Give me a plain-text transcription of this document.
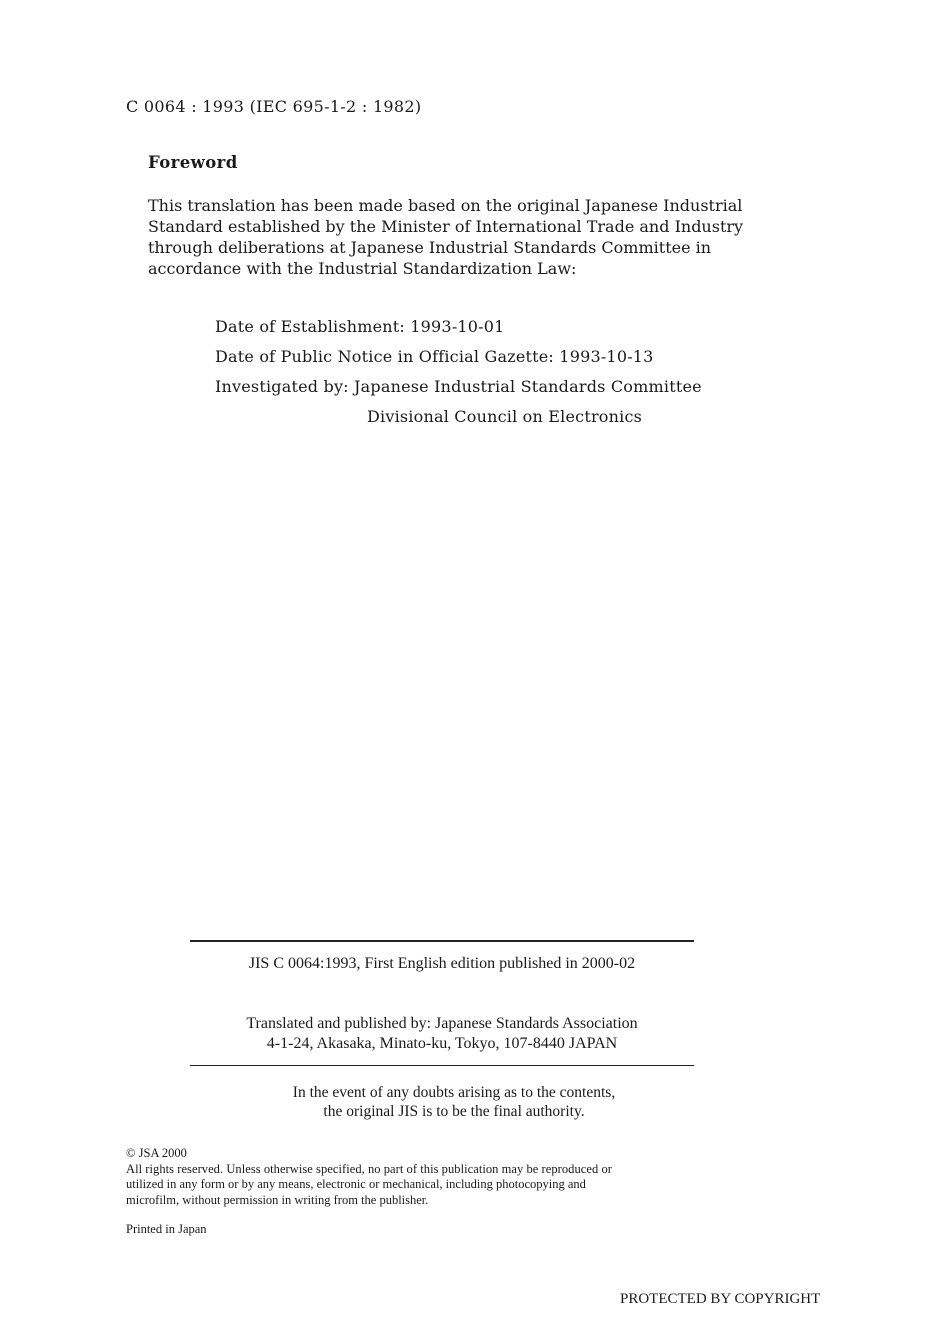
C 0064 : 1993 (IEC 695-1-2 : 1982)
Foreword
This translation has been made based on the original Japanese Industrial
Standard established by the Minister of International Trade and Industry
through deliberations at Japanese Industrial Standards Committee in
accordance with the Industrial Standardization Law:
Date of Establishment: 1993-10-01
Date of Public Notice in Official Gazette: 1993-10-13
Investigated by: Japanese Industrial Standards Committee
Divisional Council on Electronics
JIS C 0064:1993, First English edition published in 2000-02
Translated and published by: Japanese Standards Association
4-1-24, Akasaka, Minato-ku, Tokyo, 107-8440 JAPAN
In the event of any doubts arising as to the contents,
the original JIS is to be the final authority.
© JSA 2000
All rights reserved. Unless otherwise specified, no part of this publication may be reproduced or
utilized in any form or by any means, electronic or mechanical, including photocopying and
microfilm, without permission in writing from the publisher.
Printed in Japan
PROTECTED BY COPYRIGHT
